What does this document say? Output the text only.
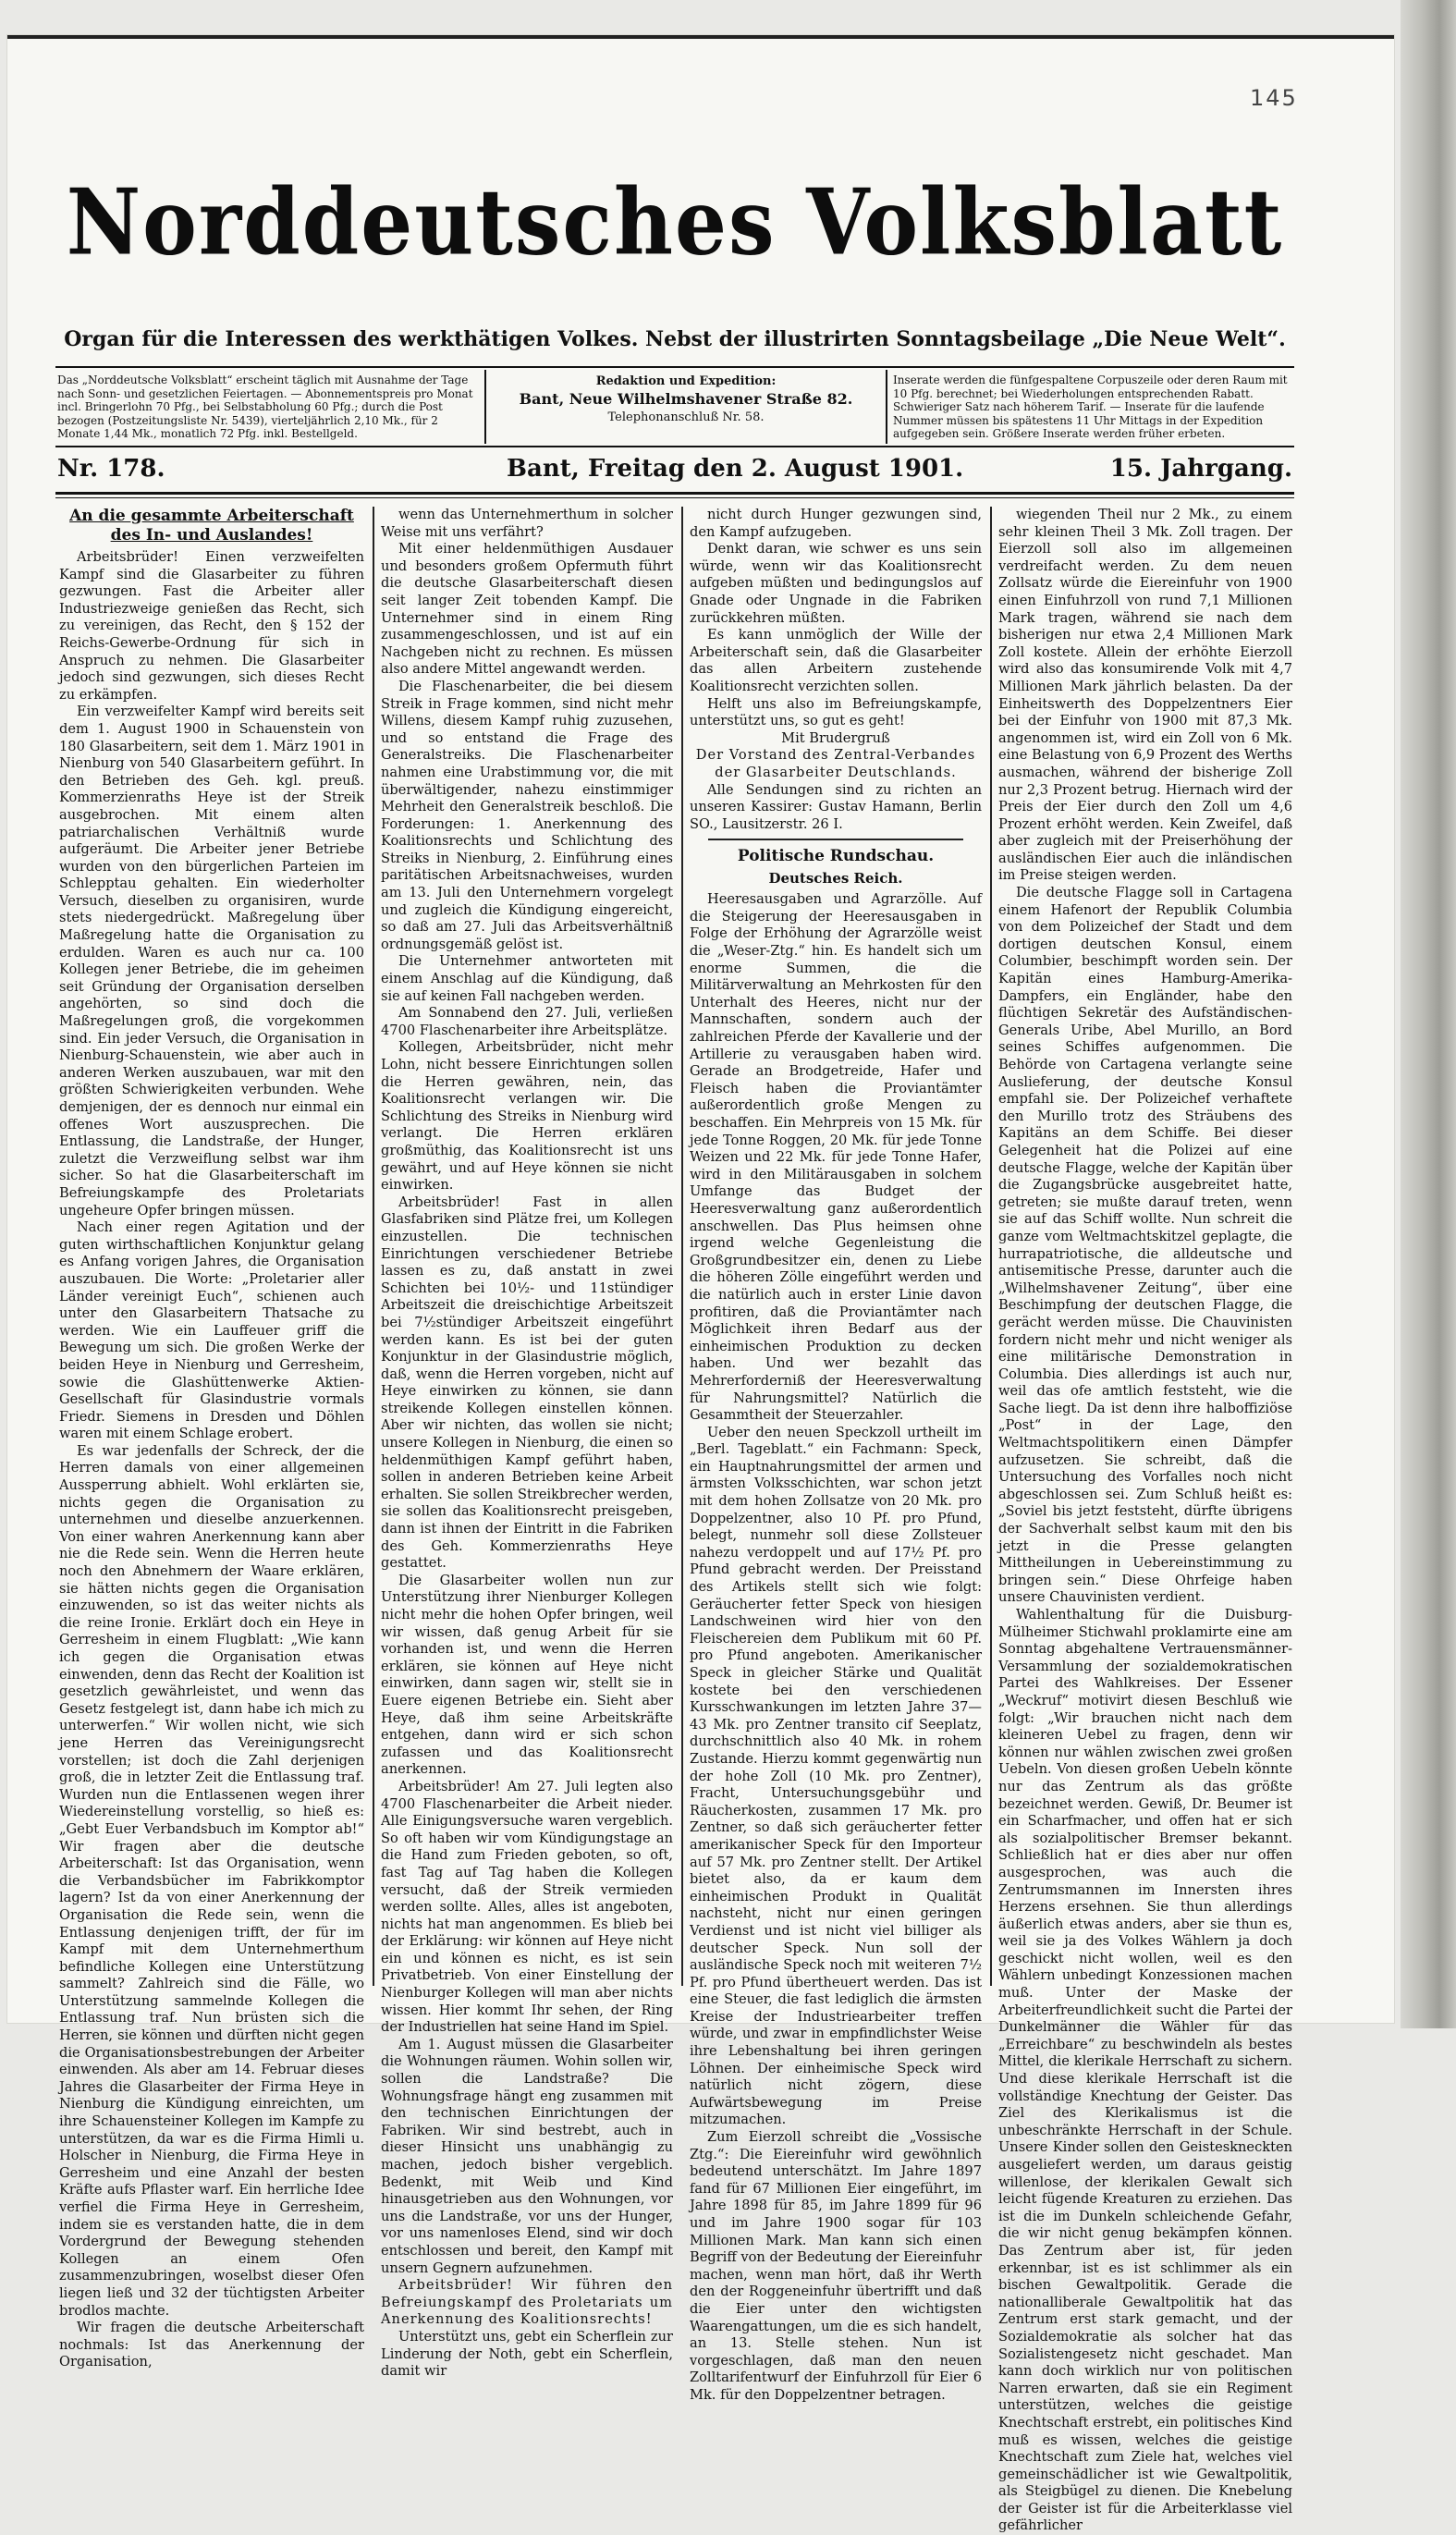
145
Norddeutsches Volksblatt
Organ für die Interessen des werkthätigen Volkes. Nebst der illustrirten Sonntagsbeilage „Die Neue Welt“.
Das „Norddeutsche Volksblatt“ erscheint täglich mit Ausnahme der Tage nach Sonn- und gesetzlichen Feiertagen. — Abonnementspreis pro Monat incl. Bringerlohn 70 Pfg., bei Selbstabholung 60 Pfg.; durch die Post bezogen (Postzeitungsliste Nr. 5439), vierteljährlich 2,10 Mk., für 2 Monate 1,44 Mk., monatlich 72 Pfg. inkl. Bestellgeld.
Redaktion und Expedition:
Bant, Neue Wilhelmshavener Straße 82.
Telephonanschluß Nr. 58.
Inserate werden die fünfgespaltene Corpuszeile oder deren Raum mit 10 Pfg. berechnet; bei Wiederholungen entsprechenden Rabatt. Schwieriger Satz nach höherem Tarif. — Inserate für die laufende Nummer müssen bis spätestens 11 Uhr Mittags in der Expedition aufgegeben sein. Größere Inserate werden früher erbeten.
Nr. 178.	Bant, Freitag den 2. August 1901.	15. Jahrgang.
An die gesammte Arbeiterschaft des In- und Auslandes!

Arbeitsbrüder! Einen verzweifelten Kampf sind die Glasarbeiter zu führen gezwungen. Fast die Arbeiter aller Industriezweige genießen das Recht, sich zu vereinigen, das Recht, den § 152 der Reichs-Gewerbe-Ordnung für sich in Anspruch zu nehmen. Die Glasarbeiter jedoch sind gezwungen, sich dieses Recht zu erkämpfen.

Ein verzweifelter Kampf wird bereits seit dem 1. August 1900 in Schauenstein von 180 Glasarbeitern, seit dem 1. März 1901 in Nienburg von 540 Glasarbeitern geführt. In den Betrieben des Geh. kgl. preuß. Kommerzienraths Heye ist der Streik ausgebrochen. Mit einem alten patriarchalischen Verhältniß wurde aufgeräumt. Die Arbeiter jener Betriebe wurden von den bürgerlichen Parteien im Schlepptau gehalten. Ein wiederholter Versuch, dieselben zu organisiren, wurde stets niedergedrückt. Maßregelung über Maßregelung hatte die Organisation zu erdulden. Waren es auch nur ca. 100 Kollegen jener Betriebe, die im geheimen seit Gründung der Organisation derselben angehörten, so sind doch die Maßregelungen groß, die vorgekommen sind. Ein jeder Versuch, die Organisation in Nienburg-Schauenstein, wie aber auch in anderen Werken auszubauen, war mit den größten Schwierigkeiten verbunden. Wehe demjenigen, der es dennoch nur einmal ein offenes Wort auszusprechen. Die Entlassung, die Landstraße, der Hunger, zuletzt die Verzweiflung selbst war ihm sicher. So hat die Glasarbeiterschaft im Befreiungskampfe des Proletariats ungeheure Opfer bringen müssen.

Nach einer regen Agitation und der guten wirthschaftlichen Konjunktur gelang es Anfang vorigen Jahres, die Organisation auszubauen. Die Worte: „Proletarier aller Länder vereinigt Euch“, schienen auch unter den Glasarbeitern Thatsache zu werden. Wie ein Lauffeuer griff die Bewegung um sich. Die großen Werke der beiden Heye in Nienburg und Gerresheim, sowie die Glashüttenwerke Aktien-Gesellschaft für Glasindustrie vormals Friedr. Siemens in Dresden und Döhlen waren mit einem Schlage erobert.

Es war jedenfalls der Schreck, der die Herren damals von einer allgemeinen Aussperrung abhielt. Wohl erklärten sie, nichts gegen die Organisation zu unternehmen und dieselbe anzuerkennen. Von einer wahren Anerkennung kann aber nie die Rede sein. Wenn die Herren heute noch den Abnehmern der Waare erklären, sie hätten nichts gegen die Organisation einzuwenden, so ist das weiter nichts als die reine Ironie. Erklärt doch ein Heye in Gerresheim in einem Flugblatt: „Wie kann ich gegen die Organisation etwas einwenden, denn das Recht der Koalition ist gesetzlich gewährleistet, und wenn das Gesetz festgelegt ist, dann habe ich mich zu unterwerfen.“ Wir wollen nicht, wie sich jene Herren das Vereinigungsrecht vorstellen; ist doch die Zahl derjenigen groß, die in letzter Zeit die Entlassung traf. Wurden nun die Entlassenen wegen ihrer Wiedereinstellung vorstellig, so hieß es: „Gebt Euer Verbandsbuch im Komptor ab!“ Wir fragen aber die deutsche Arbeiterschaft: Ist das Organisation, wenn die Verbandsbücher im Fabrikkomptor lagern? Ist da von einer Anerkennung der Organisation die Rede sein, wenn die Entlassung denjenigen trifft, der für im Kampf mit dem Unternehmerthum befindliche Kollegen eine Unterstützung sammelt? Zahlreich sind die Fälle, wo Unterstützung sammelnde Kollegen die Entlassung traf. Nun brüsten sich die Herren, sie können und dürften nicht gegen die Organisationsbestrebungen der Arbeiter einwenden. Als aber am 14. Februar dieses Jahres die Glasarbeiter der Firma Heye in Nienburg die Kündigung einreichten, um ihre Schauensteiner Kollegen im Kampfe zu unterstützen, da war es die Firma Himli u. Holscher in Nienburg, die Firma Heye in Gerresheim und eine Anzahl der besten Kräfte aufs Pflaster warf. Ein herrliche Idee verfiel die Firma Heye in Gerresheim, indem sie es verstanden hatte, die in dem Vordergrund der Bewegung stehenden Kollegen an einem Ofen zusammenzubringen, woselbst dieser Ofen liegen ließ und 32 der tüchtigsten Arbeiter brodlos machte.

Wir fragen die deutsche Arbeiterschaft nochmals: Ist das Anerkennung der Organisation,

wenn das Unternehmerthum in solcher Weise mit uns verfährt?

Mit einer heldenmüthigen Ausdauer und besonders großem Opfermuth führt die deutsche Glasarbeiterschaft diesen seit langer Zeit tobenden Kampf. Die Unternehmer sind in einem Ring zusammengeschlossen, und ist auf ein Nachgeben nicht zu rechnen. Es müssen also andere Mittel angewandt werden.

Die Flaschenarbeiter, die bei diesem Streik in Frage kommen, sind nicht mehr Willens, diesem Kampf ruhig zuzusehen, und so entstand die Frage des Generalstreiks. Die Flaschenarbeiter nahmen eine Urabstimmung vor, die mit überwältigender, nahezu einstimmiger Mehrheit den Generalstreik beschloß. Die Forderungen: 1. Anerkennung des Koalitionsrechts und Schlichtung des Streiks in Nienburg, 2. Einführung eines paritätischen Arbeitsnachweises, wurden am 13. Juli den Unternehmern vorgelegt und zugleich die Kündigung eingereicht, so daß am 27. Juli das Arbeitsverhältniß ordnungsgemäß gelöst ist.

Die Unternehmer antworteten mit einem Anschlag auf die Kündigung, daß sie auf keinen Fall nachgeben werden.

Am Sonnabend den 27. Juli, verließen 4700 Flaschenarbeiter ihre Arbeitsplätze.

Kollegen, Arbeitsbrüder, nicht mehr Lohn, nicht bessere Einrichtungen sollen die Herren gewähren, nein, das Koalitionsrecht verlangen wir. Die Schlichtung des Streiks in Nienburg wird verlangt. Die Herren erklären großmüthig, das Koalitionsrecht ist uns gewährt, und auf Heye können sie nicht einwirken.

Arbeitsbrüder! Fast in allen Glasfabriken sind Plätze frei, um Kollegen einzustellen. Die technischen Einrichtungen verschiedener Betriebe lassen es zu, daß anstatt in zwei Schichten bei 10½- und 11stündiger Arbeitszeit die dreischichtige Arbeitszeit bei 7½stündiger Arbeitszeit eingeführt werden kann. Es ist bei der guten Konjunktur in der Glasindustrie möglich, daß, wenn die Herren vorgeben, nicht auf Heye einwirken zu können, sie dann streikende Kollegen einstellen können. Aber wir nichten, das wollen sie nicht; unsere Kollegen in Nienburg, die einen so heldenmüthigen Kampf geführt haben, sollen in anderen Betrieben keine Arbeit erhalten. Sie sollen Streikbrecher werden, sie sollen das Koalitionsrecht preisgeben, dann ist ihnen der Eintritt in die Fabriken des Geh. Kommerzienraths Heye gestattet.

Die Glasarbeiter wollen nun zur Unterstützung ihrer Nienburger Kollegen nicht mehr die hohen Opfer bringen, weil wir wissen, daß genug Arbeit für sie vorhanden ist, und wenn die Herren erklären, sie können auf Heye nicht einwirken, dann sagen wir, stellt sie in Euere eigenen Betriebe ein. Sieht aber Heye, daß ihm seine Arbeitskräfte entgehen, dann wird er sich schon zufassen und das Koalitionsrecht anerkennen.

Arbeitsbrüder! Am 27. Juli legten also 4700 Flaschenarbeiter die Arbeit nieder. Alle Einigungsversuche waren vergeblich. So oft haben wir vom Kündigungstage an die Hand zum Frieden geboten, so oft, fast Tag auf Tag haben die Kollegen versucht, daß der Streik vermieden werden sollte. Alles, alles ist angeboten, nichts hat man angenommen. Es blieb bei der Erklärung: wir können auf Heye nicht ein und können es nicht, es ist sein Privatbetrieb. Von einer Einstellung der Nienburger Kollegen will man aber nichts wissen. Hier kommt Ihr sehen, der Ring der Industriellen hat seine Hand im Spiel.

Am 1. August müssen die Glasarbeiter die Wohnungen räumen. Wohin sollen wir, sollen die Landstraße? Die Wohnungsfrage hängt eng zusammen mit den technischen Einrichtungen der Fabriken. Wir sind bestrebt, auch in dieser Hinsicht uns unabhängig zu machen, jedoch bisher vergeblich. Bedenkt, mit Weib und Kind hinausgetrieben aus den Wohnungen, vor uns die Landstraße, vor uns der Hunger, vor uns namenloses Elend, sind wir doch entschlossen und bereit, den Kampf mit unsern Gegnern aufzunehmen.

Arbeitsbrüder! Wir führen den Befreiungskampf des Proletariats um Anerkennung des Koalitionsrechts!

Unterstützt uns, gebt ein Scherflein zur Linderung der Noth, gebt ein Scherflein, damit wir

nicht durch Hunger gezwungen sind, den Kampf aufzugeben.

Denkt daran, wie schwer es uns sein würde, wenn wir das Koalitionsrecht aufgeben müßten und bedingungslos auf Gnade oder Ungnade in die Fabriken zurückkehren müßten.

Es kann unmöglich der Wille der Arbeiterschaft sein, daß die Glasarbeiter das allen Arbeitern zustehende Koalitionsrecht verzichten sollen.

Helft uns also im Befreiungskampfe, unterstützt uns, so gut es geht!

Mit Brudergruß

Der Vorstand des Zentral-Verbandes der Glasarbeiter Deutschlands.

Alle Sendungen sind zu richten an unseren Kassirer: Gustav Hamann, Berlin SO., Lausitzerstr. 26 I.

Politische Rundschau.
Deutsches Reich.

Heeresausgaben und Agrarzölle. Auf die Steigerung der Heeresausgaben in Folge der Erhöhung der Agrarzölle weist die „Weser-Ztg.“ hin. Es handelt sich um enorme Summen, die die Militärverwaltung an Mehrkosten für den Unterhalt des Heeres, nicht nur der Mannschaften, sondern auch der zahlreichen Pferde der Kavallerie und der Artillerie zu verausgaben haben wird. Gerade an Brodgetreide, Hafer und Fleisch haben die Proviantämter außerordentlich große Mengen zu beschaffen. Ein Mehrpreis von 15 Mk. für jede Tonne Roggen, 20 Mk. für jede Tonne Weizen und 22 Mk. für jede Tonne Hafer, wird in den Militärausgaben in solchem Umfange das Budget der Heeresverwaltung ganz außerordentlich anschwellen. Das Plus heimsen ohne irgend welche Gegenleistung die Großgrundbesitzer ein, denen zu Liebe die höheren Zölle eingeführt werden und die natürlich auch in erster Linie davon profitiren, daß die Proviantämter nach Möglichkeit ihren Bedarf aus der einheimischen Produktion zu decken haben. Und wer bezahlt das Mehrerforderniß der Heeresverwaltung für Nahrungsmittel? Natürlich die Gesammtheit der Steuerzahler.

Ueber den neuen Speckzoll urtheilt im „Berl. Tageblatt.“ ein Fachmann: Speck, ein Hauptnahrungsmittel der armen und ärmsten Volksschichten, war schon jetzt mit dem hohen Zollsatze von 20 Mk. pro Doppelzentner, also 10 Pf. pro Pfund, belegt, nunmehr soll diese Zollsteuer nahezu verdoppelt und auf 17½ Pf. pro Pfund gebracht werden. Der Preisstand des Artikels stellt sich wie folgt: Geräucherter fetter Speck von hiesigen Landschweinen wird hier von den Fleischereien dem Publikum mit 60 Pf. pro Pfund angeboten. Amerikanischer Speck in gleicher Stärke und Qualität kostete bei den verschiedenen Kursschwankungen im letzten Jahre 37—43 Mk. pro Zentner transito cif Seeplatz, durchschnittlich also 40 Mk. in rohem Zustande. Hierzu kommt gegenwärtig nun der hohe Zoll (10 Mk. pro Zentner), Fracht, Untersuchungsgebühr und Räucherkosten, zusammen 17 Mk. pro Zentner, so daß sich geräucherter fetter amerikanischer Speck für den Importeur auf 57 Mk. pro Zentner stellt. Der Artikel bietet also, da er kaum dem einheimischen Produkt in Qualität nachsteht, nicht nur einen geringen Verdienst und ist nicht viel billiger als deutscher Speck. Nun soll der ausländische Speck noch mit weiteren 7½ Pf. pro Pfund übertheuert werden. Das ist eine Steuer, die fast lediglich die ärmsten Kreise der Industriearbeiter treffen würde, und zwar in empfindlichster Weise ihre Lebenshaltung bei ihren geringen Löhnen. Der einheimische Speck wird natürlich nicht zögern, diese Aufwärtsbewegung im Preise mitzumachen.

Zum Eierzoll schreibt die „Vossische Ztg.“: Die Eiereinfuhr wird gewöhnlich bedeutend unterschätzt. Im Jahre 1897 fand für 67 Millionen Eier eingeführt, im Jahre 1898 für 85, im Jahre 1899 für 96 und im Jahre 1900 sogar für 103 Millionen Mark. Man kann sich einen Begriff von der Bedeutung der Eiereinfuhr machen, wenn man hört, daß ihr Werth den der Roggeneinfuhr übertrifft und daß die Eier unter den wichtigsten Waarengattungen, um die es sich handelt, an 13. Stelle stehen. Nun ist vorgeschlagen, daß man den neuen Zolltarifentwurf der Einfuhrzoll für Eier 6 Mk. für den Doppelzentner betragen.

wiegenden Theil nur 2 Mk., zu einem sehr kleinen Theil 3 Mk. Zoll tragen. Der Eierzoll soll also im allgemeinen verdreifacht werden. Zu dem neuen Zollsatz würde die Eiereinfuhr von 1900 einen Einfuhrzoll von rund 7,1 Millionen Mark tragen, während sie nach dem bisherigen nur etwa 2,4 Millionen Mark Zoll kostete. Allein der erhöhte Eierzoll wird also das konsumirende Volk mit 4,7 Millionen Mark jährlich belasten. Da der Einheitswerth des Doppelzentners Eier bei der Einfuhr von 1900 mit 87,3 Mk. angenommen ist, wird ein Zoll von 6 Mk. eine Belastung von 6,9 Prozent des Werths ausmachen, während der bisherige Zoll nur 2,3 Prozent betrug. Hiernach wird der Preis der Eier durch den Zoll um 4,6 Prozent erhöht werden. Kein Zweifel, daß aber zugleich mit der Preiserhöhung der ausländischen Eier auch die inländischen im Preise steigen werden.

Die deutsche Flagge soll in Cartagena einem Hafenort der Republik Columbia von dem Polizeichef der Stadt und dem dortigen deutschen Konsul, einem Columbier, beschimpft worden sein. Der Kapitän eines Hamburg-Amerika-Dampfers, ein Engländer, habe den flüchtigen Sekretär des Aufständischen-Generals Uribe, Abel Murillo, an Bord seines Schiffes aufgenommen. Die Behörde von Cartagena verlangte seine Auslieferung, der deutsche Konsul empfahl sie. Der Polizeichef verhaftete den Murillo trotz des Sträubens des Kapitäns an dem Schiffe. Bei dieser Gelegenheit hat die Polizei auf eine deutsche Flagge, welche der Kapitän über die Zugangsbrücke ausgebreitet hatte, getreten; sie mußte darauf treten, wenn sie auf das Schiff wollte. Nun schreit die ganze vom Weltmachtskitzel geplagte, die hurrapatriotische, die alldeutsche und antisemitische Presse, darunter auch die „Wilhelmshavener Zeitung“, über eine Beschimpfung der deutschen Flagge, die gerächt werden müsse. Die Chauvinisten fordern nicht mehr und nicht weniger als eine militärische Demonstration in Columbia. Dies allerdings ist auch nur, weil das ofe amtlich feststeht, wie die Sache liegt. Da ist denn ihre halboffiziöse „Post“ in der Lage, den Weltmachtspolitikern einen Dämpfer aufzusetzen. Sie schreibt, daß die Untersuchung des Vorfalles noch nicht abgeschlossen sei. Zum Schluß heißt es: „Soviel bis jetzt feststeht, dürfte übrigens der Sachverhalt selbst kaum mit den bis jetzt in die Presse gelangten Mittheilungen in Uebereinstimmung zu bringen sein.“ Diese Ohrfeige haben unsere Chauvinisten verdient.

Wahlenthaltung für die Duisburg-Mülheimer Stichwahl proklamirte eine am Sonntag abgehaltene Vertrauensmänner-Versammlung der sozialdemokratischen Partei des Wahlkreises. Der Essener „Weckruf“ motivirt diesen Beschluß wie folgt: „Wir brauchen nicht nach dem kleineren Uebel zu fragen, denn wir können nur wählen zwischen zwei großen Uebeln. Von diesen großen Uebeln könnte nur das Zentrum als das größte bezeichnet werden. Gewiß, Dr. Beumer ist ein Scharfmacher, und offen hat er sich als sozialpolitischer Bremser bekannt. Schließlich hat er dies aber nur offen ausgesprochen, was auch die Zentrumsmannen im Innersten ihres Herzens ersehnen. Sie thun allerdings äußerlich etwas anders, aber sie thun es, weil sie ja des Volkes Wählern ja doch geschickt nicht wollen, weil es den Wählern unbedingt Konzessionen machen muß. Unter der Maske der Arbeiterfreundlichkeit sucht die Partei der Dunkelmänner die Wähler für das „Erreichbare“ zu beschwindeln als bestes Mittel, die klerikale Herrschaft zu sichern. Und diese klerikale Herrschaft ist die vollständige Knechtung der Geister. Das Ziel des Klerikalismus ist die unbeschränkte Herrschaft in der Schule. Unsere Kinder sollen den Geisteskneckten ausgeliefert werden, um daraus geistig willenlose, der klerikalen Gewalt sich leicht fügende Kreaturen zu erziehen. Das ist die im Dunkeln schleichende Gefahr, die wir nicht genug bekämpfen können. Das Zentrum aber ist, für jeden erkennbar, ist es ist schlimmer als ein bischen Gewaltpolitik. Gerade die nationalliberale Gewaltpolitik hat das Zentrum erst stark gemacht, und der Sozialdemokratie als solcher hat das Sozialistengesetz nicht geschadet. Man kann doch wirklich nur von politischen Narren erwarten, daß sie ein Regiment unterstützen, welches die geistige Knechtschaft erstrebt, ein politisches Kind muß es wissen, welches die geistige Knechtschaft zum Ziele hat, welches viel gemeinschädlicher ist wie Gewaltpolitik, als Steigbügel zu dienen. Die Knebelung der Geister ist für die Arbeiterklasse viel gefährlicher
